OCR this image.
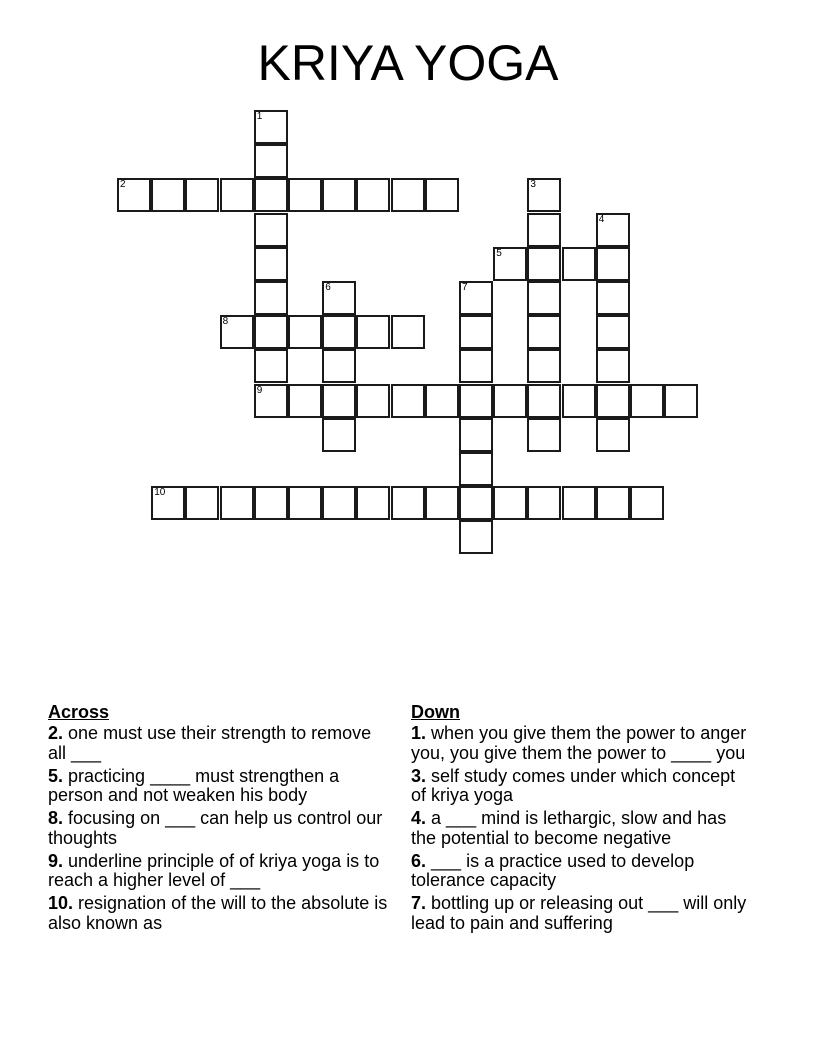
KRIYA YOGA
1
9
2	3
4
5
6	7
8
10
Across
2. one must use their strength to remove all ___
5. practicing ____ must strengthen a person and not weaken his body
8. focusing on ___ can help us control our thoughts
9. underline principle of of kriya yoga is to reach a higher level of ___
10. resignation of the will to the absolute is also known as
Down
1. when you give them the power to anger you, you give them the power to ____ you
3. self study comes under which concept of kriya yoga
4. a ___ mind is lethargic, slow and has the potential to become negative
6. ___ is a practice used to develop tolerance capacity
7. bottling up or releasing out ___ will only lead to pain and suffering
